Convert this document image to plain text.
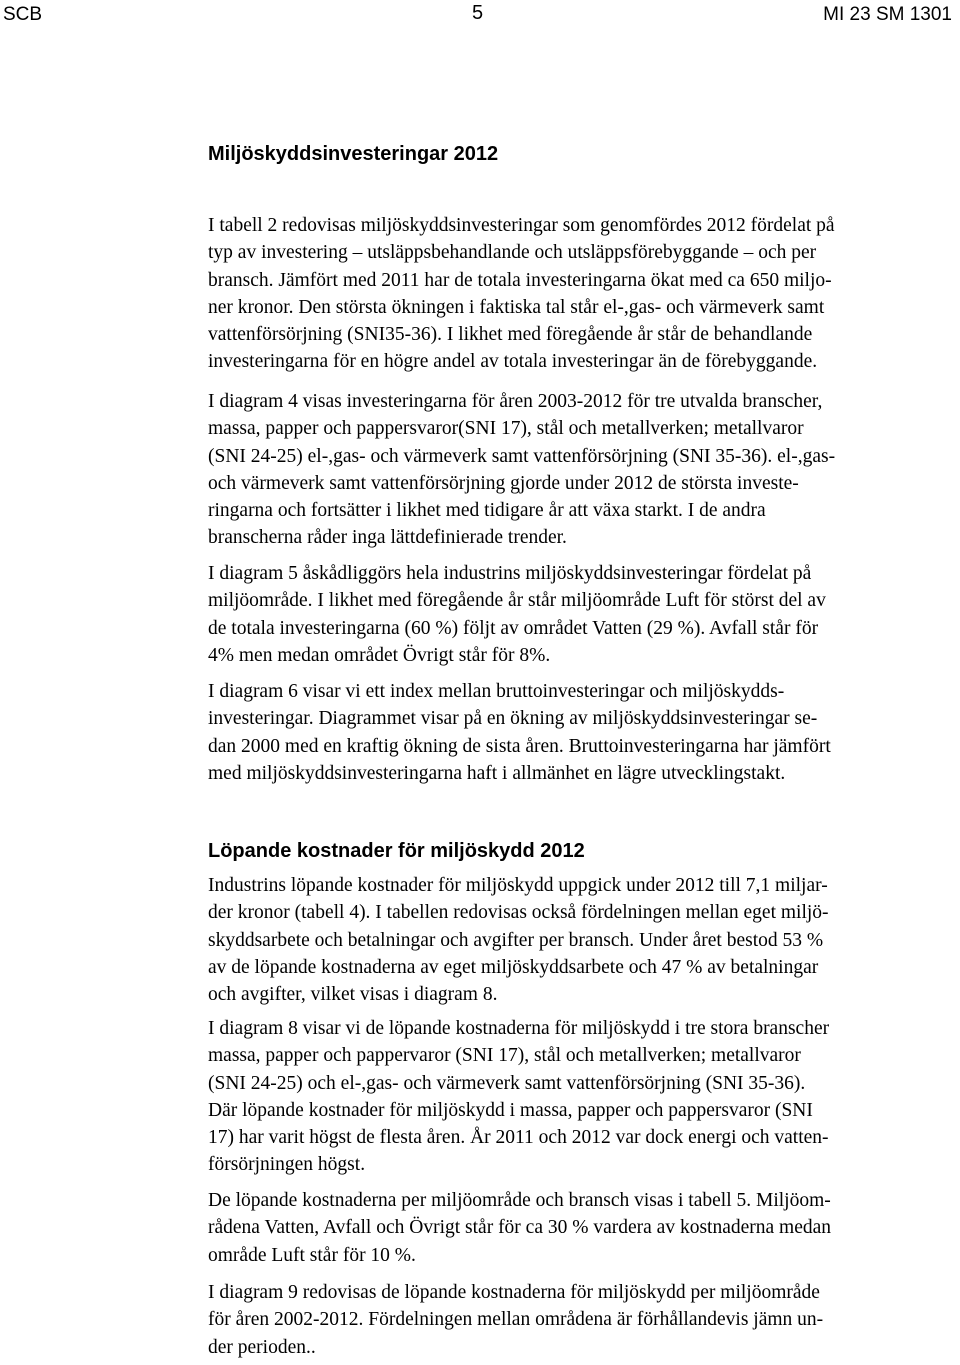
SCB	5	MI 23 SM 1301
Miljöskyddsinvesteringar 2012
I tabell 2 redovisas miljöskyddsinvesteringar som genomfördes 2012 fördelat på
typ av investering – utsläppsbehandlande och utsläppsförebyggande – och per
bransch. Jämfört med 2011 har de totala investeringarna ökat med ca 650 miljo-
ner kronor. Den största ökningen i faktiska tal står el-,gas- och värmeverk samt
vattenförsörjning (SNI35-36). I likhet med föregående år står de behandlande
investeringarna för en högre andel av totala investeringar än de förebyggande.
I diagram 4 visas investeringarna för åren 2003-2012 för tre utvalda branscher,
massa, papper och pappersvaror(SNI 17), stål och metallverken; metallvaror
(SNI 24-25) el-,gas- och värmeverk samt vattenförsörjning (SNI 35-36). el-,gas-
och värmeverk samt vattenförsörjning gjorde under 2012 de största investe-
ringarna och fortsätter i likhet med tidigare år att växa starkt. I de andra
branscherna råder inga lättdefinierade trender.
I diagram 5 åskådliggörs hela industrins miljöskyddsinvesteringar fördelat på
miljöområde. I likhet med föregående år står miljöområde Luft för störst del av
de totala investeringarna (60 %) följt av området Vatten (29 %). Avfall står för
4% men medan området Övrigt står för 8%.
I diagram 6 visar vi ett index mellan bruttoinvesteringar och miljöskydds-
investeringar. Diagrammet visar på en ökning av miljöskyddsinvesteringar se-
dan 2000 med en kraftig ökning de sista åren. Bruttoinvesteringarna har jämfört
med miljöskyddsinvesteringarna haft i allmänhet en lägre utvecklingstakt.
Löpande kostnader för miljöskydd 2012
Industrins löpande kostnader för miljöskydd uppgick under 2012 till 7,1 miljar-
der kronor (tabell 4). I tabellen redovisas också fördelningen mellan eget miljö-
skyddsarbete och betalningar och avgifter per bransch. Under året bestod 53 %
av de löpande kostnaderna av eget miljöskyddsarbete och 47 % av betalningar
och avgifter, vilket visas i diagram 8.
I diagram 8 visar vi de löpande kostnaderna för miljöskydd i tre stora branscher
massa, papper och pappervaror (SNI 17), stål och metallverken; metallvaror
(SNI 24-25) och el-,gas- och värmeverk samt vattenförsörjning (SNI 35-36).
Där löpande kostnader för miljöskydd i massa, papper och pappersvaror (SNI
17) har varit högst de flesta åren. År 2011 och 2012 var dock energi och vatten-
försörjningen högst.
De löpande kostnaderna per miljöområde och bransch visas i tabell 5. Miljöom-
rådena Vatten, Avfall och Övrigt står för ca 30 % vardera av kostnaderna medan
område Luft står för 10 %.
I diagram 9 redovisas de löpande kostnaderna för miljöskydd per miljöområde
för åren 2002-2012. Fördelningen mellan områdena är förhållandevis jämn un-
der perioden..
